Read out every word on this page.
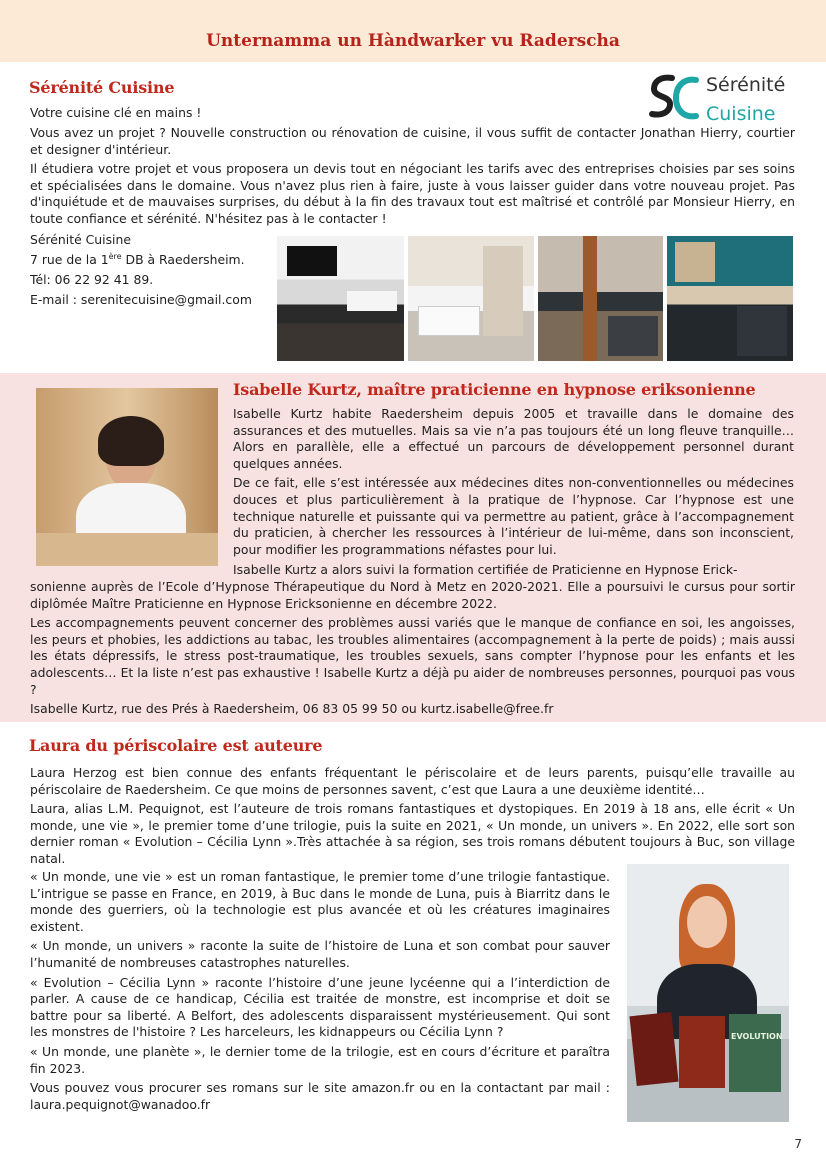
Unternamma un Hàndwarker vu Raderscha
Sérénité Cuisine	Sérénité
Cuisine

Votre cuisine clé en mains !

Vous avez un projet ? Nouvelle construction ou rénovation de cuisine, il vous suffit de contacter Jonathan Hierry, courtier et designer d'intérieur.

Il étudiera votre projet et vous proposera un devis tout en négociant les tarifs avec des entreprises choisies par ses soins et spécialisées dans le domaine. Vous n'avez plus rien à faire, juste à vous laisser guider dans votre nouveau projet. Pas d'inquiétude et de mauvaises surprises, du début à la fin des travaux tout est maîtrisé et contrôlé par Monsieur Hierry, en toute confiance et sérénité. N'hésitez pas à le contacter !

Sérénité Cuisine

7 rue de la 1ère DB à Raedersheim.

Tél: 06 22 92 41 89.

E-mail : serenitecuisine@gmail.com

Isabelle Kurtz, maître praticienne en hypnose eriksonienne

Isabelle Kurtz habite Raedersheim depuis 2005 et travaille dans le domaine des assurances et des mutuelles. Mais sa vie n’a pas toujours été un long fleuve tranquille… Alors en parallèle, elle a effectué un parcours de développement personnel durant quelques années.

De ce fait, elle s’est intéressée aux médecines dites non-conventionnelles ou médecines douces et plus particulièrement à la pratique de l’hypnose. Car l’hypnose est une technique naturelle et puissante qui va permettre au patient, grâce à l’accompagnement du praticien, à chercher les ressources à l’intérieur de lui-même, dans son inconscient, pour modifier les programmations néfastes pour lui.

Isabelle Kurtz a alors suivi la formation certifiée de Praticienne en Hypnose Erick-

sonienne auprès de l’Ecole d’Hypnose Thérapeutique du Nord à Metz en 2020-2021. Elle a poursuivi le cursus pour sortir diplômée Maître Praticienne en Hypnose Ericksonienne en décembre 2022.

Les accompagnements peuvent concerner des problèmes aussi variés que le manque de confiance en soi, les angoisses, les peurs et phobies, les addictions au tabac, les troubles alimentaires (accompagnement à la perte de poids) ; mais aussi les états dépressifs, le stress post-traumatique, les troubles sexuels, sans compter l’hypnose pour les enfants et les adolescents… Et la liste n’est pas exhaustive ! Isabelle Kurtz a déjà pu aider de nombreuses personnes, pourquoi pas vous ?

Isabelle Kurtz, rue des Prés à Raedersheim, 06 83 05 99 50 ou kurtz.isabelle@free.fr

Laura du périscolaire est auteure

Laura Herzog est bien connue des enfants fréquentant le périscolaire et de leurs parents, puisqu’elle travaille au périscolaire de Raedersheim. Ce que moins de personnes savent, c’est que Laura a une deuxième identité…

Laura, alias L.M. Pequignot, est l’auteure de trois romans fantastiques et dystopiques. En 2019 à 18 ans, elle écrit « Un monde, une vie », le premier tome d’une trilogie, puis la suite en 2021, « Un monde, un univers ». En 2022, elle sort son dernier roman « Evolution – Cécilia Lynn ».Très attachée à sa région, ses trois romans débutent toujours à Buc, son village natal.

« Un monde, une vie » est un roman fantastique, le premier tome d’une trilogie fantastique. L’intrigue se passe en France, en 2019, à Buc dans le monde de Luna, puis à Biarritz dans le monde des guerriers, où la technologie est plus avancée et où les créatures imaginaires existent.

« Un monde, un univers » raconte la suite de l’histoire de Luna et son combat pour sauver l’humanité de nombreuses catastrophes naturelles.

« Evolution – Cécilia Lynn » raconte l’histoire d’une jeune lycéenne qui a l’interdiction de parler. A cause de ce handicap, Cécilia est traitée de monstre, est incomprise et doit se battre pour sa liberté. A Belfort, des adolescents disparaissent mystérieusement. Qui sont les monstres de l'histoire ? Les harceleurs, les kidnappeurs ou Cécilia Lynn ?

« Un monde, une planète », le dernier tome de la trilogie, est en cours d’écriture et paraîtra fin 2023.

Vous pouvez vous procurer ses romans sur le site amazon.fr ou en la contactant par mail : laura.pequignot@wanadoo.fr

EVOLUTION
7
